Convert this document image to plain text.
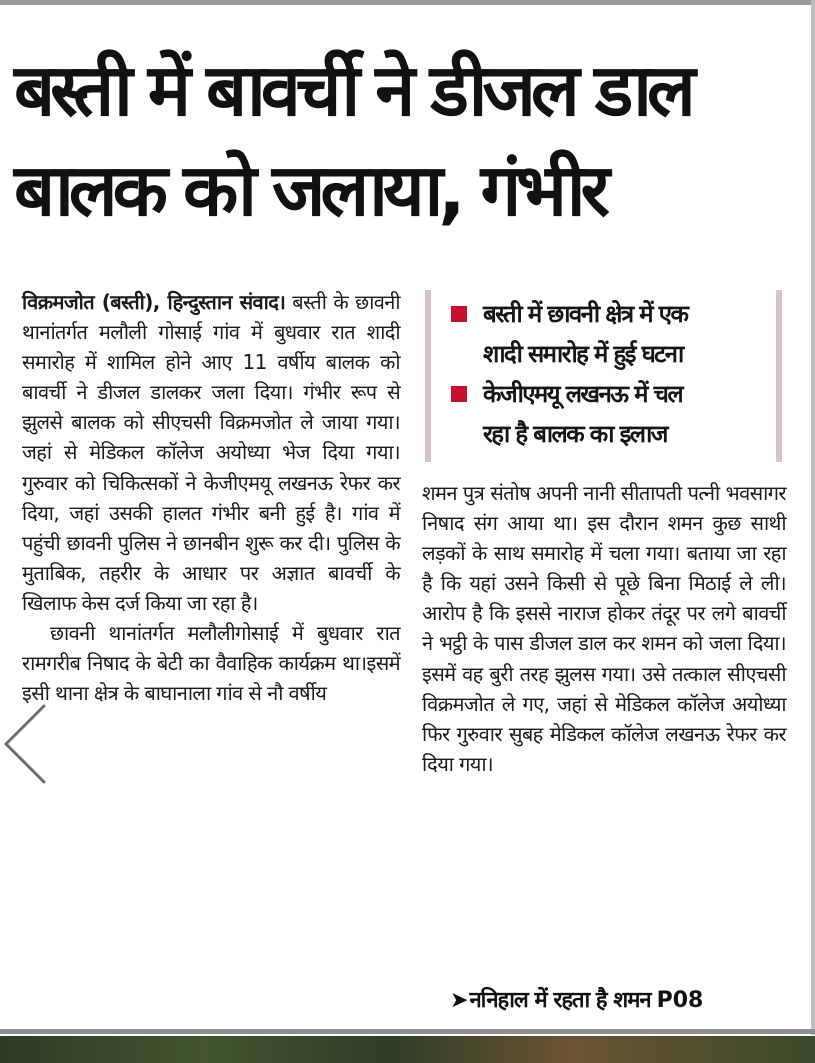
बस्ती में बावर्ची ने डीजल डाल
बालक को जलाया, गंभीर

विक्रमजोत (बस्ती), हिन्दुस्तान संवाद। बस्ती के छावनी थानांतर्गत मलौली गोसाई गांव में बुधवार रात शादी समारोह में शामिल होने आए 11 वर्षीय बालक को बावर्ची ने डीजल डालकर जला दिया। गंभीर रूप से झुलसे बालक को सीएचसी विक्रमजोत ले जाया गया। जहां से मेडिकल कॉलेज अयोध्या भेज दिया गया। गुरुवार को चिकित्सकों ने केजीएमयू लखनऊ रेफर कर दिया, जहां उसकी हालत गंभीर बनी हुई है। गांव में पहुंची छावनी पुलिस ने छानबीन शुरू कर दी। पुलिस के मुताबिक, तहरीर के आधार पर अज्ञात बावर्ची के खिलाफ केस दर्ज किया जा रहा है।

छावनी थानांतर्गत मलौलीगोसाई में बुधवार रात रामगरीब निषाद के बेटी का वैवाहिक कार्यक्रम था।इसमें इसी थाना क्षेत्र के बाघानाला गांव से नौ वर्षीय

बस्ती में छावनी क्षेत्र में एक
शादी समारोह में हुई घटना
केजीएमयू लखनऊ में चल
रहा है बालक का इलाज

शमन पुत्र संतोष अपनी नानी सीतापती पत्नी भवसागर निषाद संग आया था। इस दौरान शमन कुछ साथी लड़कों के साथ समारोह में चला गया। बताया जा रहा है कि यहां उसने किसी से पूछे बिना मिठाई ले ली। आरोप है कि इससे नाराज होकर तंदूर पर लगे बावर्ची ने भट्ठी के पास डीजल डाल कर शमन को जला दिया। इसमें वह बुरी तरह झुलस गया। उसे तत्काल सीएचसी विक्रमजोत ले गए, जहां से मेडिकल कॉलेज अयोध्या फिर गुरुवार सुबह मेडिकल कॉलेज लखनऊ रेफर कर दिया गया।

➤ननिहाल में रहता है शमन P08
